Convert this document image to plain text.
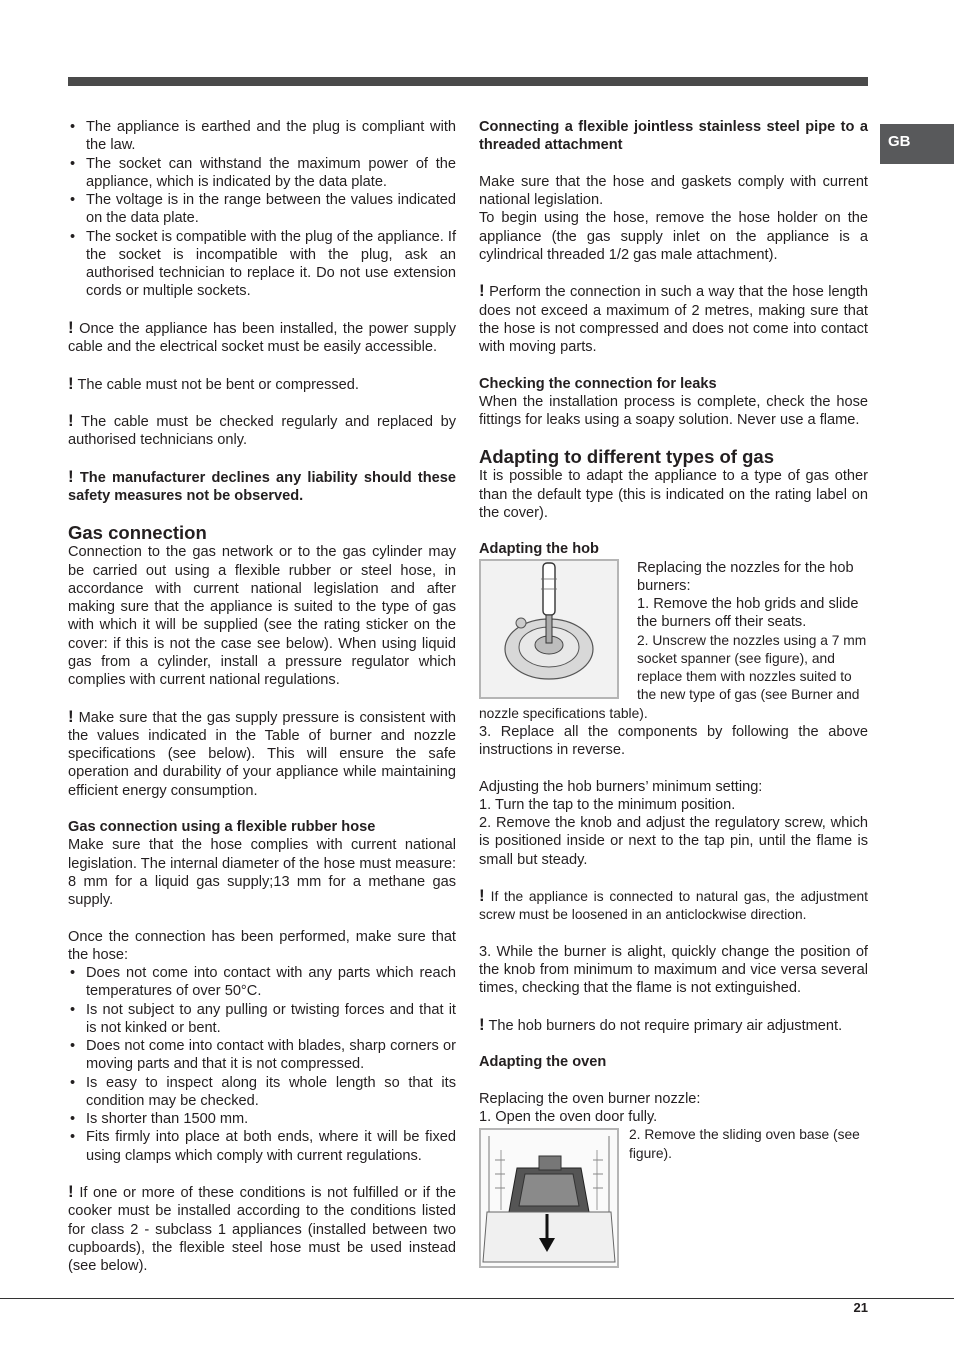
GB
• The appliance is earthed and the plug is compliant with the law.
• The socket can withstand the maximum power of the appliance, which is indicated by the data plate.
• The voltage is in the range between the values indicated on the data plate.
• The socket is compatible with the plug of the appliance. If the socket is incompatible with the plug, ask an authorised technician to replace it. Do not use extension cords or multiple sockets.

! Once the appliance has been installed, the power supply cable and the electrical socket must be easily accessible.

! The cable must not be bent or compressed.

! The cable must be checked regularly and replaced by authorised technicians only.

! The manufacturer declines any liability should these safety measures not be observed.

Gas connection

Connection to the gas network or to the gas cylinder may be carried out using a flexible rubber or steel hose, in accordance with current national legislation and after making sure that the appliance is suited to the type of gas with which it will be supplied (see the rating sticker on the cover: if this is not the case see below). When using liquid gas from a cylinder, install a pressure regulator which complies with current national regulations.

! Make sure that the gas supply pressure is consistent with the values indicated in the Table of burner and nozzle specifications (see below). This will ensure the safe operation and durability of your appliance while maintaining efficient energy consumption.

Gas connection using a flexible rubber hose

Make sure that the hose complies with current national legislation. The internal diameter of the hose must measure: 8 mm for a liquid gas supply;13 mm for a methane gas supply.

Once the connection has been performed, make sure that the hose:

• Does not come into contact with any parts which reach temperatures of over 50°C.
• Is not subject to any pulling or twisting forces and that it is not kinked or bent.
• Does not come into contact with blades, sharp corners or moving parts and that it is not compressed.
• Is easy to inspect along its whole length so that its condition may be checked.
• Is shorter than 1500 mm.
• Fits firmly into place at both ends, where it will be fixed using clamps which comply with current regulations.

! If one or more of these conditions is not fulfilled or if the cooker must be installed according to the conditions listed for class 2 - subclass 1 appliances (installed between two cupboards), the flexible steel hose must be used instead (see below).

Connecting a flexible jointless stainless steel pipe to a threaded attachment

Make sure that the hose and gaskets comply with current national legislation.

To begin using the hose, remove the hose holder on the appliance (the gas supply inlet on the appliance is a cylindrical threaded 1/2 gas male attachment).

! Perform the connection in such a way that the hose length does not exceed a maximum of 2 metres, making sure that the hose is not compressed and does not come into contact with moving parts.

Checking the connection for leaks

When the installation process is complete, check the hose fittings for leaks using a soapy solution. Never use a flame.

Adapting to different types of gas

It is possible to adapt the appliance to a type of gas other than the default type (this is indicated on the rating label on the cover).

Adapting the hob

Replacing the nozzles for the hob burners:

1. Remove the hob grids and slide the burners off their seats.

2. Unscrew the nozzles using a 7 mm socket spanner (see figure), and replace them with nozzles suited to the new type of gas (see Burner and nozzle specifications table).

3. Replace all the components by following the above instructions in reverse.

Adjusting the hob burners’ minimum setting:

1. Turn the tap to the minimum position.

2. Remove the knob and adjust the regulatory screw, which is positioned inside or next to the tap pin, until the flame is small but steady.

! If the appliance is connected to natural gas, the adjustment screw must be loosened in an anticlockwise direction.

3. While the burner is alight, quickly change the position of the knob from minimum to maximum and vice versa several times, checking that the flame is not extinguished.

! The hob burners do not require primary air adjustment.

Adapting the oven

Replacing the oven burner nozzle:

1. Open the oven door fully.

2. Remove the sliding oven base (see figure).

21
